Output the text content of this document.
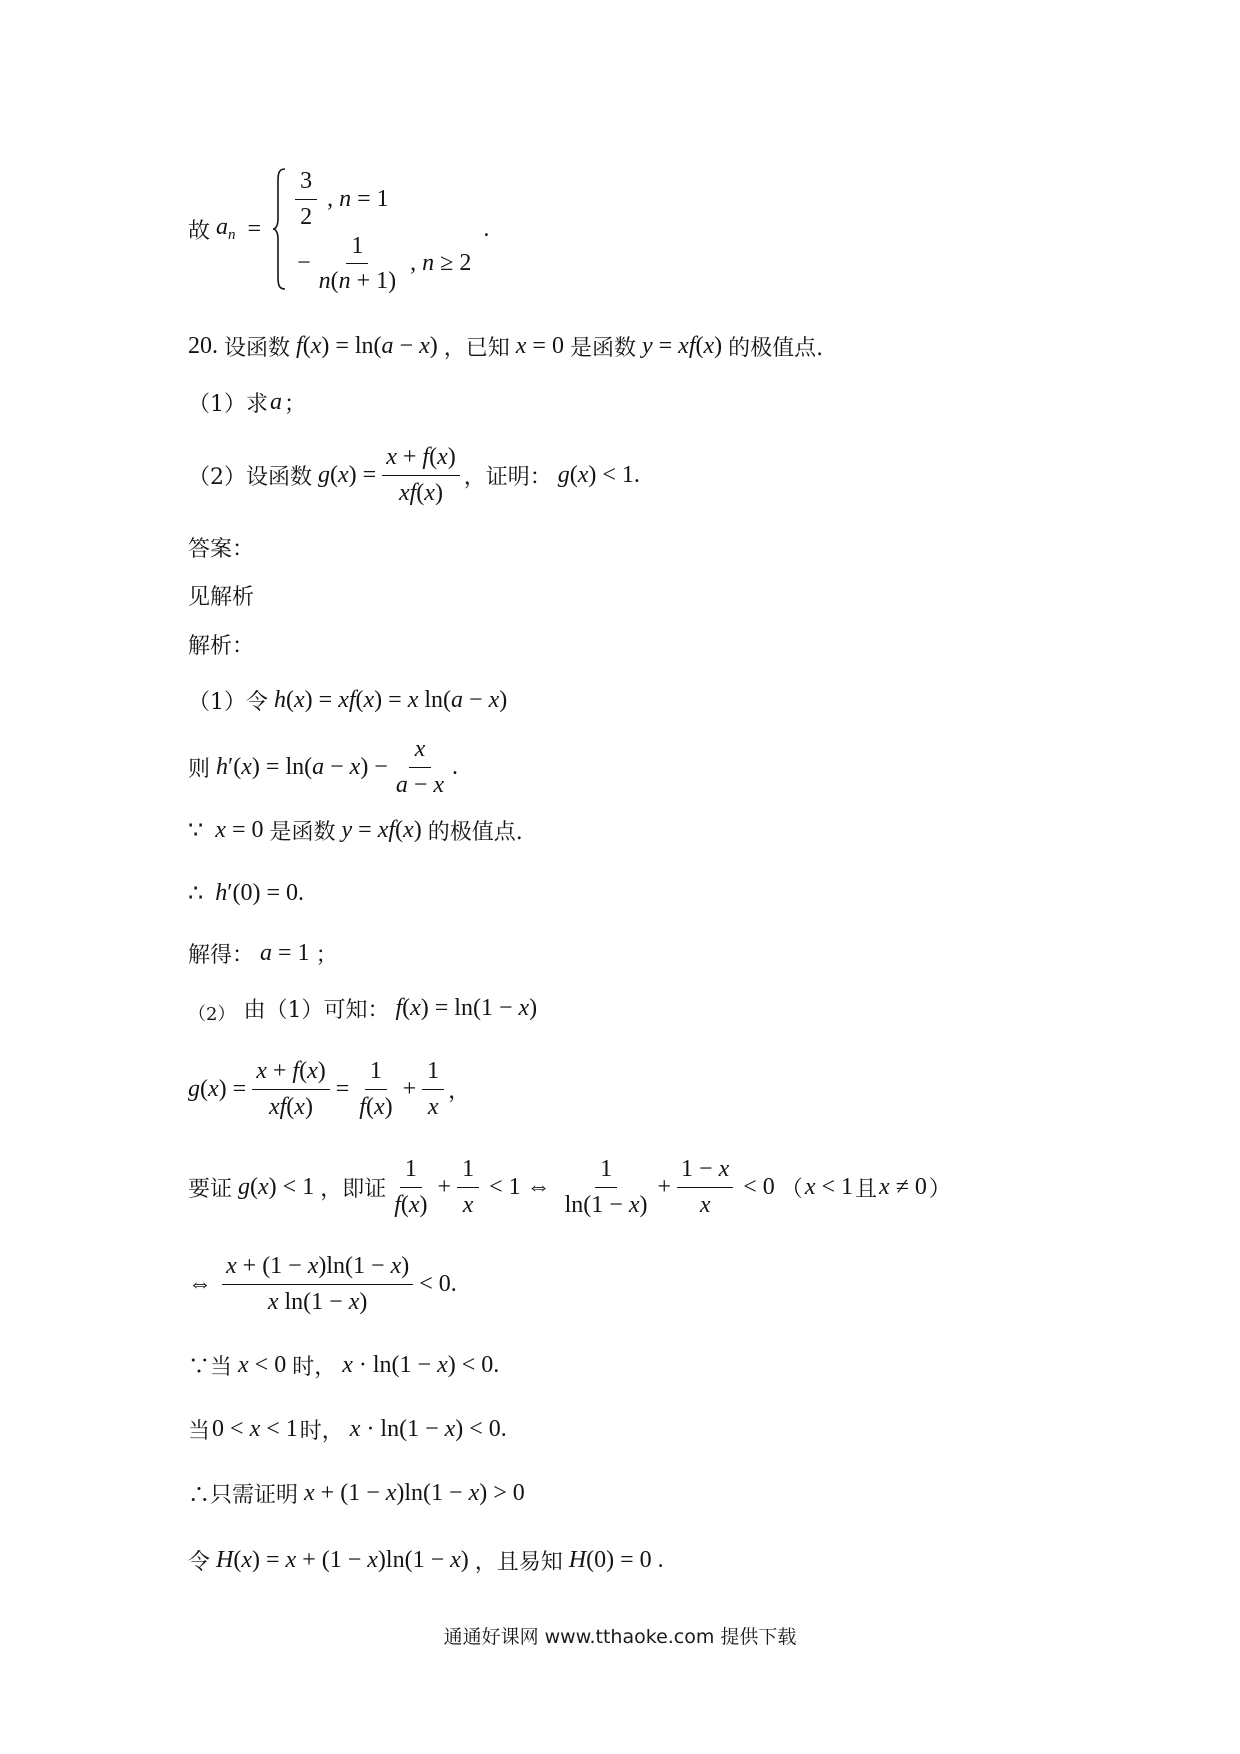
故 $a_n = \frac{3}{2}$ , n = 1
− $\frac{1}{n(n + 1)}$ , n ≥ 2
.
20. 设函数 f(x) = ln(a − x) ，已知 x = 0 是函数 y = xf(x) 的极值点.
（1）求 a ；
（2）设函数 $g(x) = \frac{x + f(x)}{xf(x)}$ ，证明： g(x) < 1.
答案：
见解析
解析：
（1）令 h(x) = xf(x) = x ln(a − x)
则 $h'(x) = \ln(a - x) - \frac{x}{a - x}$ .
∵ x = 0 是函数 y = xf(x) 的极值点.
∴ h′(0) = 0.
解得： a = 1 ；
（2） 由（1）可知： f(x) = ln(1 − x)
$g(x) = \frac{x + f(x)}{xf(x)} = \frac{1}{f(x)} + \frac{1}{x}$ ，
要证 g(x) < 1 ，即证 $\frac{1}{f(x)} + \frac{1}{x} < 1$ ⇔ $\frac{1}{\ln(1 - x)} + \frac{1 - x}{x} < 0$ （ x < 1 且 x ≠ 0 ）
⇔ $\frac{x + (1 - x)\ln(1 - x)}{\text{x ln(1 − x)}} < 0$.
∵当 x < 0 时， x · ln(1 − x) < 0.
当 0 < x < 1 时， x · ln(1 − x) < 0.
∴只需证明 x + (1 − x)ln(1 − x) > 0
令 H(x) = x + (1 − x)ln(1 − x) ，且易知 H(0) = 0 .
通通好课网 www.tthaoke.com 提供下载
